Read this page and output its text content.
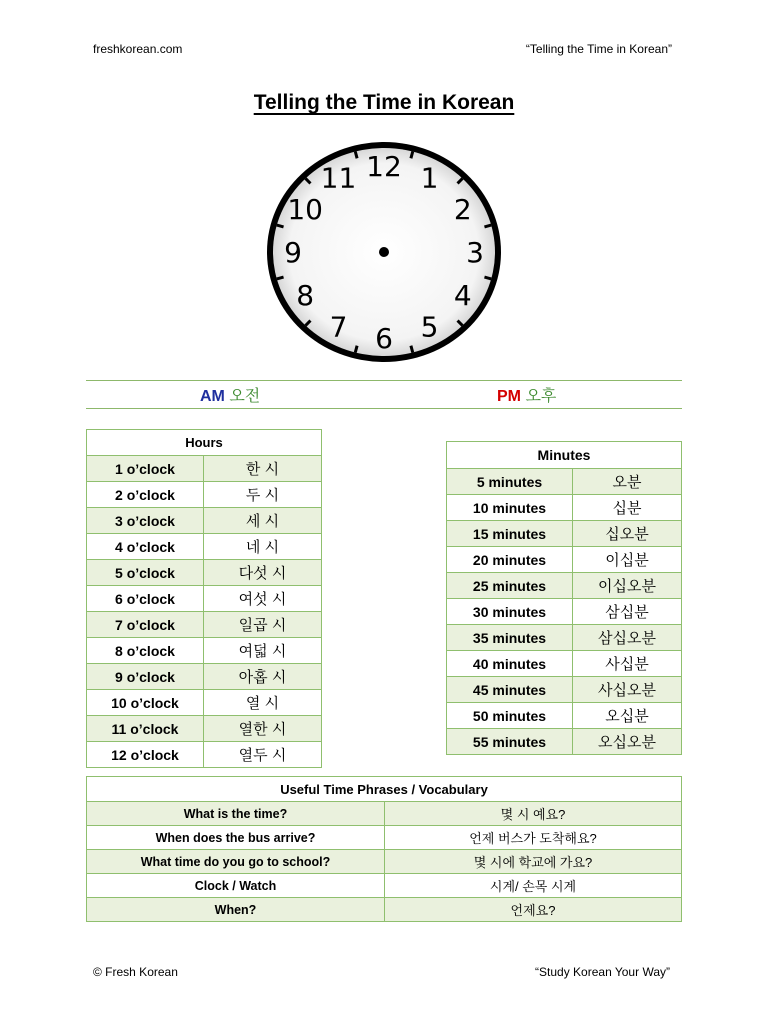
freshkorean.com	“Telling the Time in Korean”
Telling the Time in Korean
12 1
2
3
4
5
6
7
8
9
10
11
AM 오전	PM 오후
Hours	
1 o’clock	한 시
2 o’clock	두 시
3 o’clock	세 시
4 o’clock	네 시
5 o’clock	다섯 시
6 o’clock	여섯 시
7 o’clock	일곱 시
8 o’clock	여덟 시
9 o’clock	아홉 시
10 o’clock	열 시
11 o’clock	열한 시
12 o’clock	열두 시
Minutes	
5 minutes	오분
10 minutes	십분
15 minutes	십오분
20 minutes	이십분
25 minutes	이십오분
30 minutes	삼십분
35 minutes	삼십오분
40 minutes	사십분
45 minutes	사십오분
50 minutes	오십분
55 minutes	오십오분
Useful Time Phrases / Vocabulary	
What is the time?	몇 시 예요?
When does the bus arrive?	언제 버스가 도착해요?
What time do you go to school?	몇 시에 학교에 가요?
Clock / Watch	시계/ 손목 시계
When?	언제요?
© Fresh Korean	“Study Korean Your Way”
